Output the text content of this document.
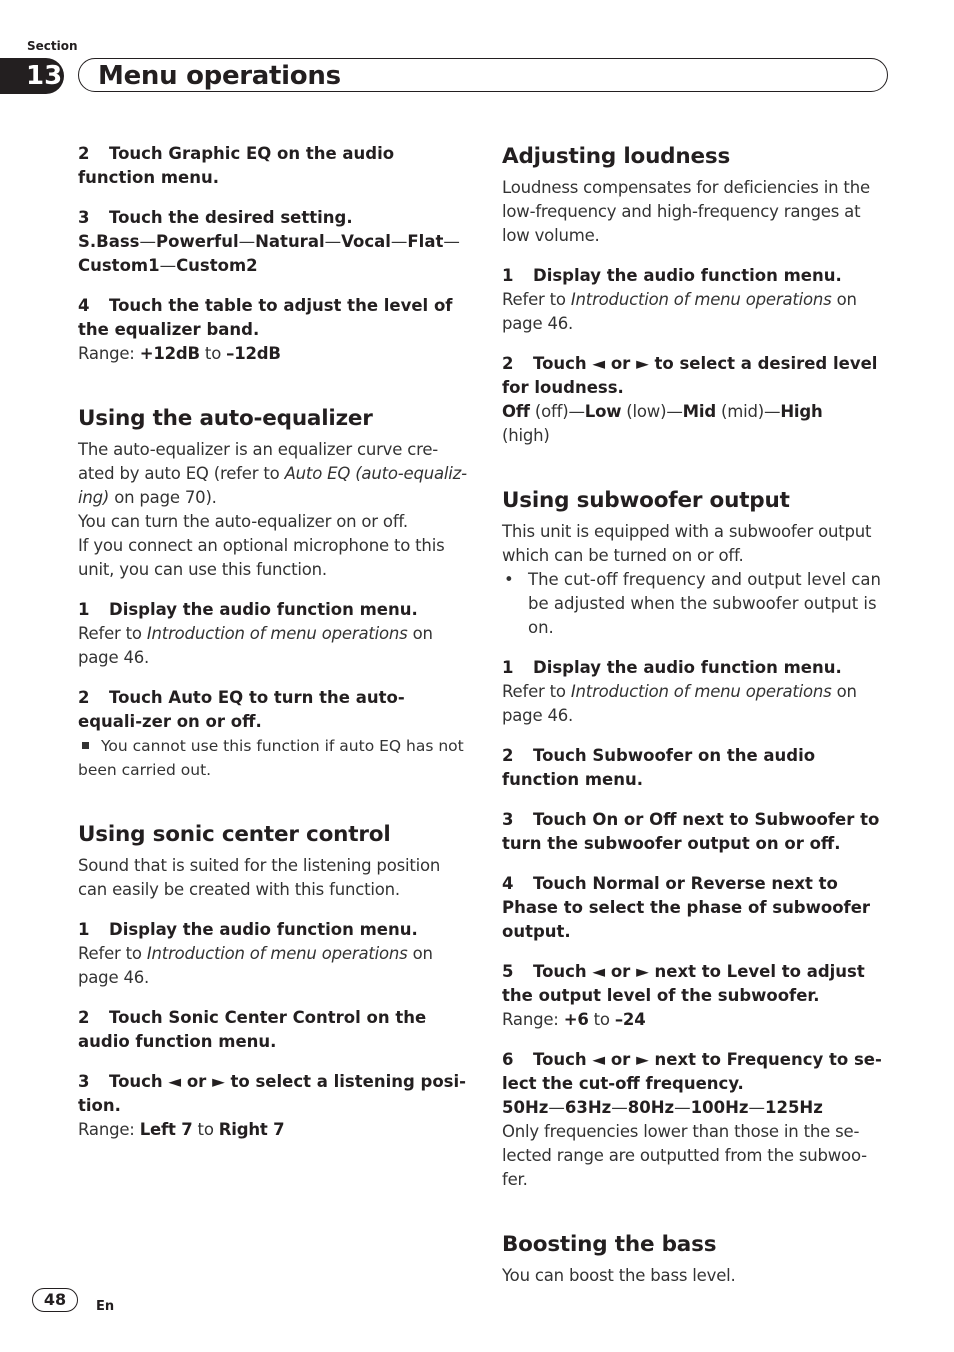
Section
13 Menu operations

2 Touch Graphic EQ on the audio function menu.

3 Touch the desired setting.

S.Bass—Powerful—Natural—Vocal—Flat—
Custom1—Custom2

4 Touch the table to adjust the level of the equalizer band.

Range: +12dB to –12dB

Using the auto-equalizer

The auto-equalizer is an equalizer curve cre-ated by auto EQ (refer to Auto EQ (auto-equaliz-ing) on page 70).

You can turn the auto-equalizer on or off.

If you connect an optional microphone to this unit, you can use this function.

1 Display the audio function menu.

Refer to Introduction of menu operations on page 46.

2 Touch Auto EQ to turn the auto-equali-zer on or off.

You cannot use this function if auto EQ has not been carried out.

Using sonic center control

Sound that is suited for the listening position can easily be created with this function.

1 Display the audio function menu.

Refer to Introduction of menu operations on page 46.

2 Touch Sonic Center Control on the audio function menu.

3 Touch ◄ or ► to select a listening posi-tion.

Range: Left 7 to Right 7

Adjusting loudness

Loudness compensates for deficiencies in the low-frequency and high-frequency ranges at low volume.

1 Display the audio function menu.

Refer to Introduction of menu operations on page 46.

2 Touch ◄ or ► to select a desired level for loudness.

Off (off)—Low (low)—Mid (mid)—High
(high)

Using subwoofer output

This unit is equipped with a subwoofer output which can be turned on or off.

• The cut-off frequency and output level can be adjusted when the subwoofer output is on.

1 Display the audio function menu.

Refer to Introduction of menu operations on page 46.

2 Touch Subwoofer on the audio function menu.

3 Touch On or Off next to Subwoofer to turn the subwoofer output on or off.

4 Touch Normal or Reverse next to Phase to select the phase of subwoofer output.

5 Touch ◄ or ► next to Level to adjust the output level of the subwoofer.

Range: +6 to –24

6 Touch ◄ or ► next to Frequency to se-lect the cut-off frequency.

50Hz—63Hz—80Hz—100Hz—125Hz

Only frequencies lower than those in the se-lected range are outputted from the subwoo-fer.

Boosting the bass

You can boost the bass level.

48	En
